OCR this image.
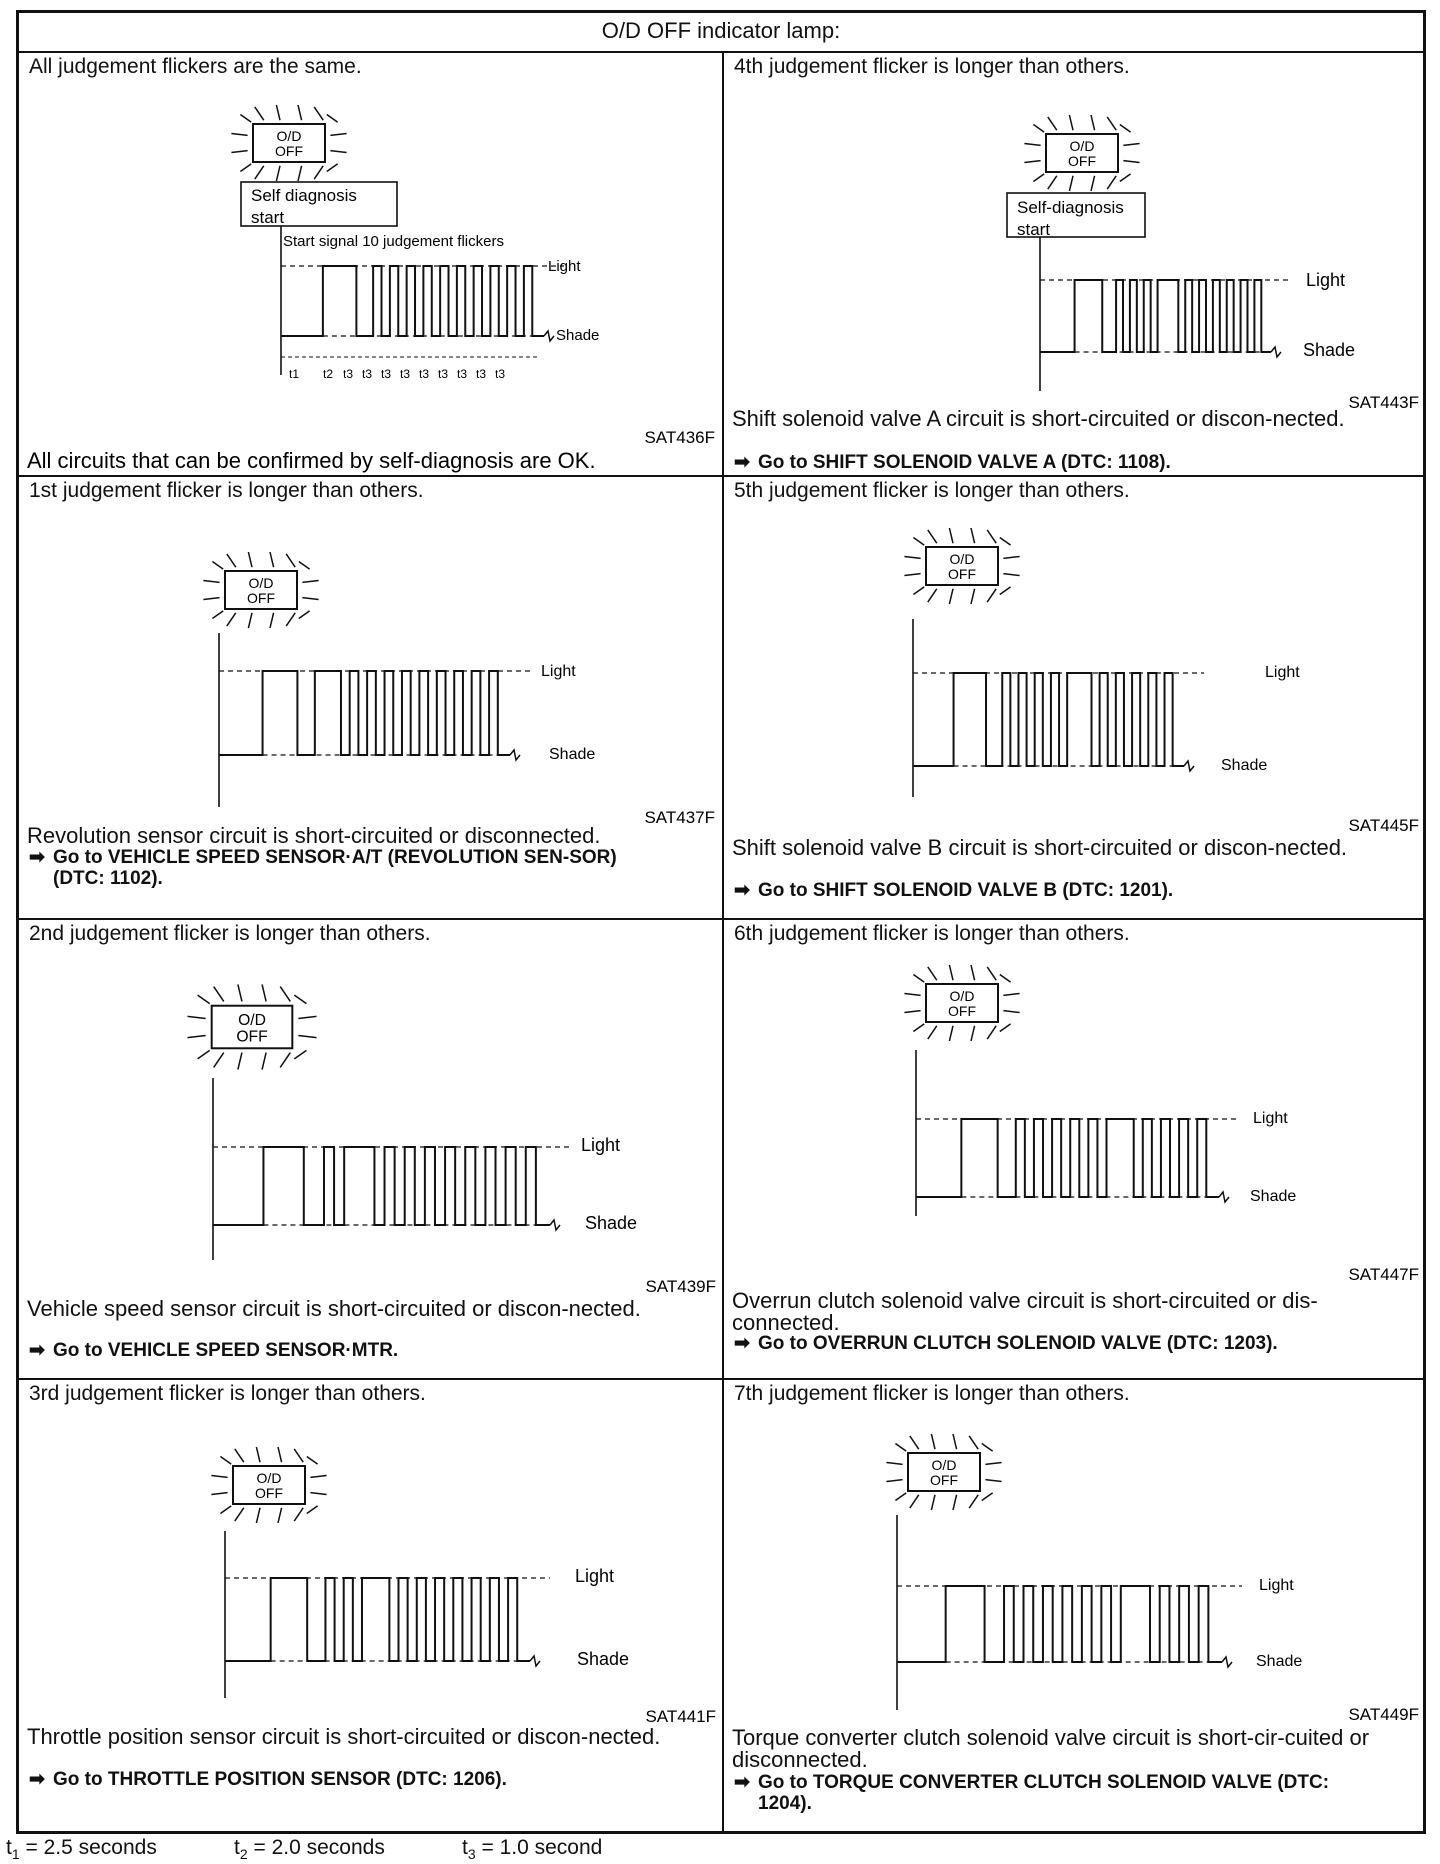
O/D OFF indicator lamp:
All judgement flickers are the same.
O/D
OFF
Self diagnosis
start
Start signal 10 judgement flickers
Light
Shade
t1 t2 t3 t3 t3 t3 t3 t3 t3 t3 t3
SAT436F
All circuits that can be confirmed by self-diagnosis are OK.
4th judgement flicker is longer than others.
O/D
OFF
Self-diagnosis
start
Light
Shade
SAT443F
Shift solenoid valve A circuit is short-circuited or discon-nected.
➡ Go to SHIFT SOLENOID VALVE A (DTC: 1108).
1st judgement flicker is longer than others.
O/D
OFF
Light
Shade
SAT437F
Revolution sensor circuit is short-circuited or disconnected.
➡ Go to VEHICLE SPEED SENSOR·A/T (REVOLUTION SEN-SOR) (DTC: 1102).
5th judgement flicker is longer than others.
O/D
OFF
Light
Shade
SAT445F
Shift solenoid valve B circuit is short-circuited or discon-nected.
➡ Go to SHIFT SOLENOID VALVE B (DTC: 1201).
2nd judgement flicker is longer than others.
O/D
OFF
Light
Shade
SAT439F
Vehicle speed sensor circuit is short-circuited or discon-nected.
➡ Go to VEHICLE SPEED SENSOR·MTR.
6th judgement flicker is longer than others.
O/D
OFF
Light
Shade
SAT447F
Overrun clutch solenoid valve circuit is short-circuited or dis-connected.
➡ Go to OVERRUN CLUTCH SOLENOID VALVE (DTC: 1203).
3rd judgement flicker is longer than others.
O/D
OFF
Light
Shade
SAT441F
Throttle position sensor circuit is short-circuited or discon-nected.
➡ Go to THROTTLE POSITION SENSOR (DTC: 1206).
7th judgement flicker is longer than others.
O/D
OFF
Light
Shade
SAT449F
Torque converter clutch solenoid valve circuit is short-cir-cuited or disconnected.
➡ Go to TORQUE CONVERTER CLUTCH SOLENOID VALVE (DTC: 1204).
$t_1 = 2.5$ seconds	$t_2 = 2.0$ seconds	$t_3 = 1.0$ second
